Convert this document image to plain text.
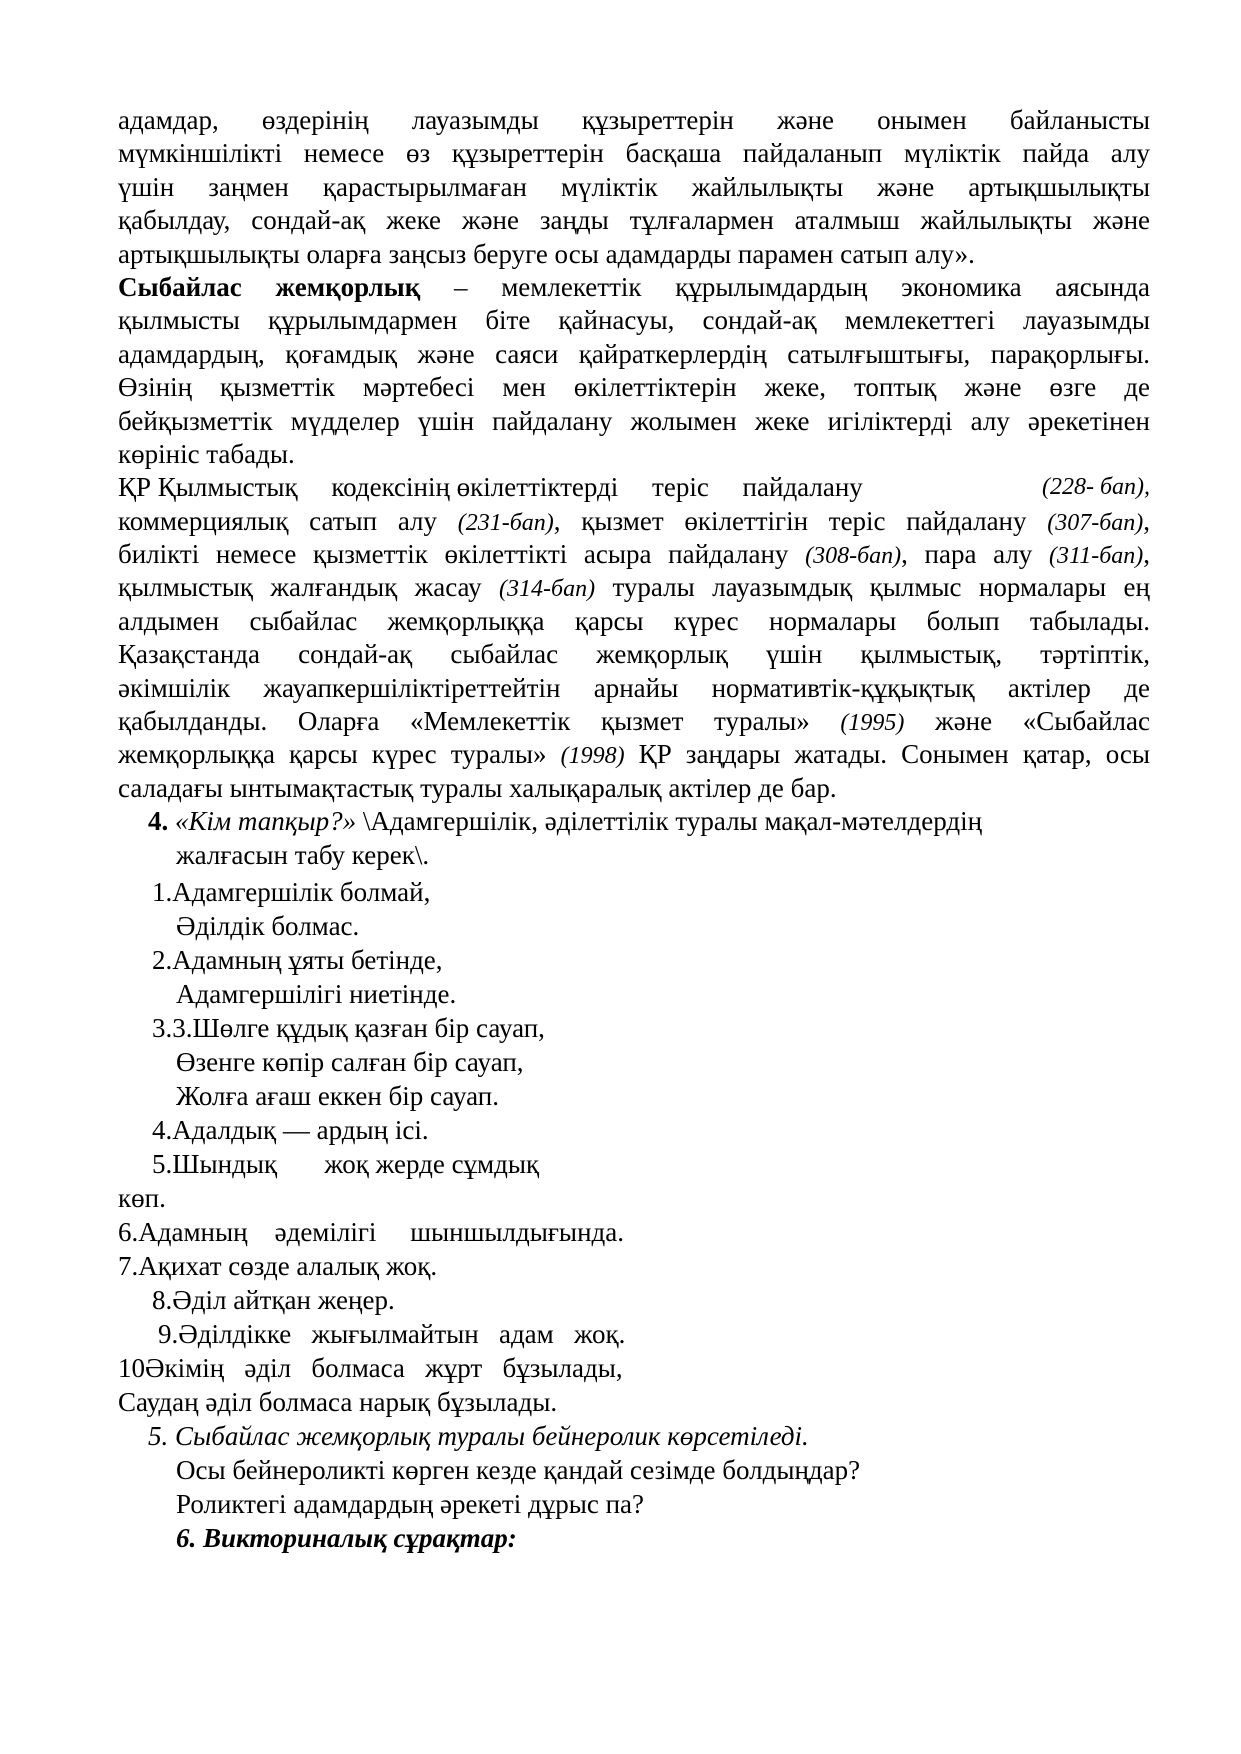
адамдар, өздерінің лауазымды құзыреттерін және онымен байланысты
мүмкіншілікті немесе өз құзыреттерін басқаша пайдаланып мүліктік пайда алу
үшін заңмен қарастырылмаған мүліктік жайлылықты және артықшылықты
қабылдау, сондай-ақ жеке және заңды тұлғалармен аталмыш жайлылықты және
артықшылықты оларға заңсыз беруге осы адамдарды парамен сатып алу».
Сыбайлас жемқорлық – мемлекеттік құрылымдардың экономика аясында
қылмысты құрылымдармен біте қайнасуы, сондай-ақ мемлекеттегі лауазымды
адамдардың, қоғамдық және саяси қайраткерлердің сатылғыштығы, парақорлығы.
Өзінің қызметтік мәртебесі мен өкілеттіктерін жеке, топтық және өзге де
бейқызметтік мүдделер үшін пайдалану жолымен жеке игіліктерді алу әрекетінен
көрініс табады.
ҚР Қылмыстық     кодексінің өкілеттіктерді     теріс     пайдалану	(228- бап),
коммерциялық сатып алу (231-бап), қызмет өкілеттігін теріс пайдалану (307-бап),
билікті немесе қызметтік өкілеттікті асыра пайдалану (308-бап), пара алу (311-бап),
қылмыстық жалғандық жасау (314-бап) туралы лауазымдық қылмыс нормалары ең
алдымен сыбайлас жемқорлыққа қарсы күрес нормалары болып табылады.
Қазақстанда сондай-ақ сыбайлас жемқорлық үшін қылмыстық, тәртіптік,
әкімшілік жауапкершіліктіреттейтін арнайы нормативтік-құқықтық актілер де
қабылданды. Оларға «Мемлекеттік қызмет туралы» (1995) және «Сыбайлас
жемқорлыққа қарсы күрес туралы» (1998) ҚР заңдары жатады. Сонымен қатар, осы
саладағы ынтымақтастық туралы халықаралық актілер де бар.
4. «Кім тапқыр?» \Адамгершілік, әділеттілік туралы мақал-мәтелдердің
жалғасын табу керек\.
1.Адамгершілік болмай,
Әділдік болмас.
2.Адамның ұяты бетінде,
Адамгершілігі ниетінде.
3.3.Шөлге құдық қазған бір сауап,
Өзенге көпір салған бір сауап,
Жолға ағаш еккен бір сауап.
4.Адалдық — ардың ісі.
5.Шындық       жоқ жерде сұмдық
көп.
6.Адамның    әдемілігі     шыншылдығында.
7.Ақихат сөзде алалық жоқ.
8.Әділ айтқан жеңер.
9.Әділдікке   жығылмайтын   адам   жоқ.
10Әкімің   әділ   болмаса   жұрт   бұзылады,
Саудаң әділ болмаса нарық бұзылады.
5. Сыбайлас жемқорлық туралы бейнеролик көрсетіледі.
Осы бейнероликті көрген кезде қандай сезімде болдыңдар?
Роликтегі адамдардың әрекеті дұрыс па?
6. Викториналық сұрақтар:
